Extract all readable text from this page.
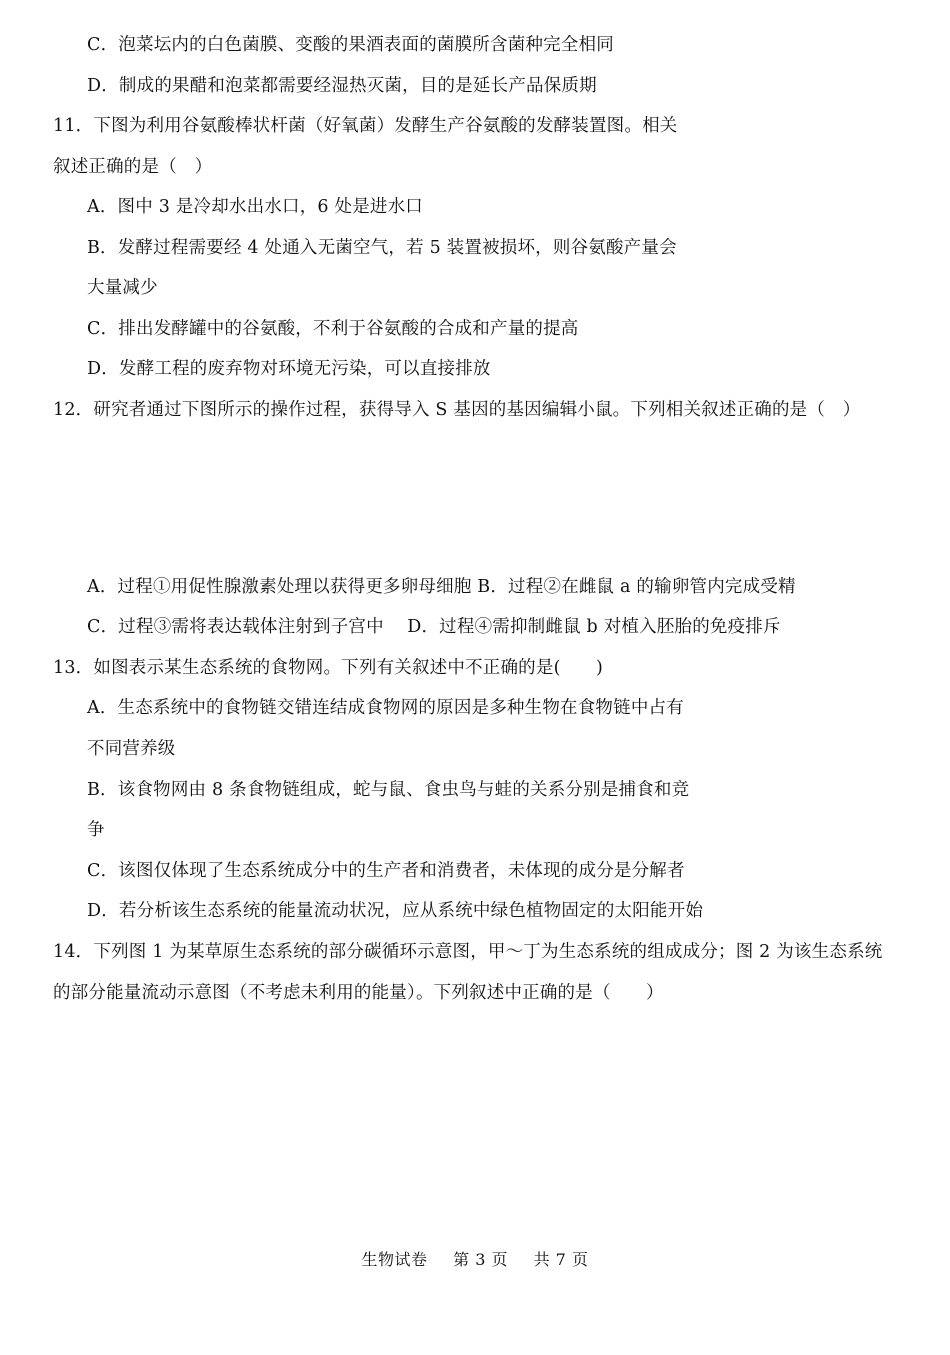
C．泡菜坛内的白色菌膜、变酸的果酒表面的菌膜所含菌种完全相同
D．制成的果醋和泡菜都需要经湿热灭菌，目的是延长产品保质期
11．下图为利用谷氨酸棒状杆菌（好氧菌）发酵生产谷氨酸的发酵装置图。相关
叙述正确的是（　）
A．图中 3 是冷却水出水口，6 处是进水口
B．发酵过程需要经 4 处通入无菌空气，若 5 装置被损坏，则谷氨酸产量会
大量减少
C．排出发酵罐中的谷氨酸，不利于谷氨酸的合成和产量的提高
D．发酵工程的废弃物对环境无污染，可以直接排放
12．研究者通过下图所示的操作过程，获得导入 S 基因的基因编辑小鼠。下列相关叙述正确的是（　）
A．过程①用促性腺激素处理以获得更多卵母细胞 B．过程②在雌鼠 a 的输卵管内完成受精
C．过程③需将表达载体注射到子宫中　 D．过程④需抑制雌鼠 b 对植入胚胎的免疫排斥
13．如图表示某生态系统的食物网。下列有关叙述中不正确的是(　　)
A．生态系统中的食物链交错连结成食物网的原因是多种生物在食物链中占有
不同营养级
B．该食物网由 8 条食物链组成，蛇与鼠、食虫鸟与蛙的关系分别是捕食和竞
争
C．该图仅体现了生态系统成分中的生产者和消费者，未体现的成分是分解者
D．若分析该生态系统的能量流动状况，应从系统中绿色植物固定的太阳能开始
14．下列图 1 为某草原生态系统的部分碳循环示意图，甲～丁为生态系统的组成成分；图 2 为该生态系统
的部分能量流动示意图（不考虑未利用的能量）。下列叙述中正确的是（　　）
生物试卷 第 3 页 共 7 页
